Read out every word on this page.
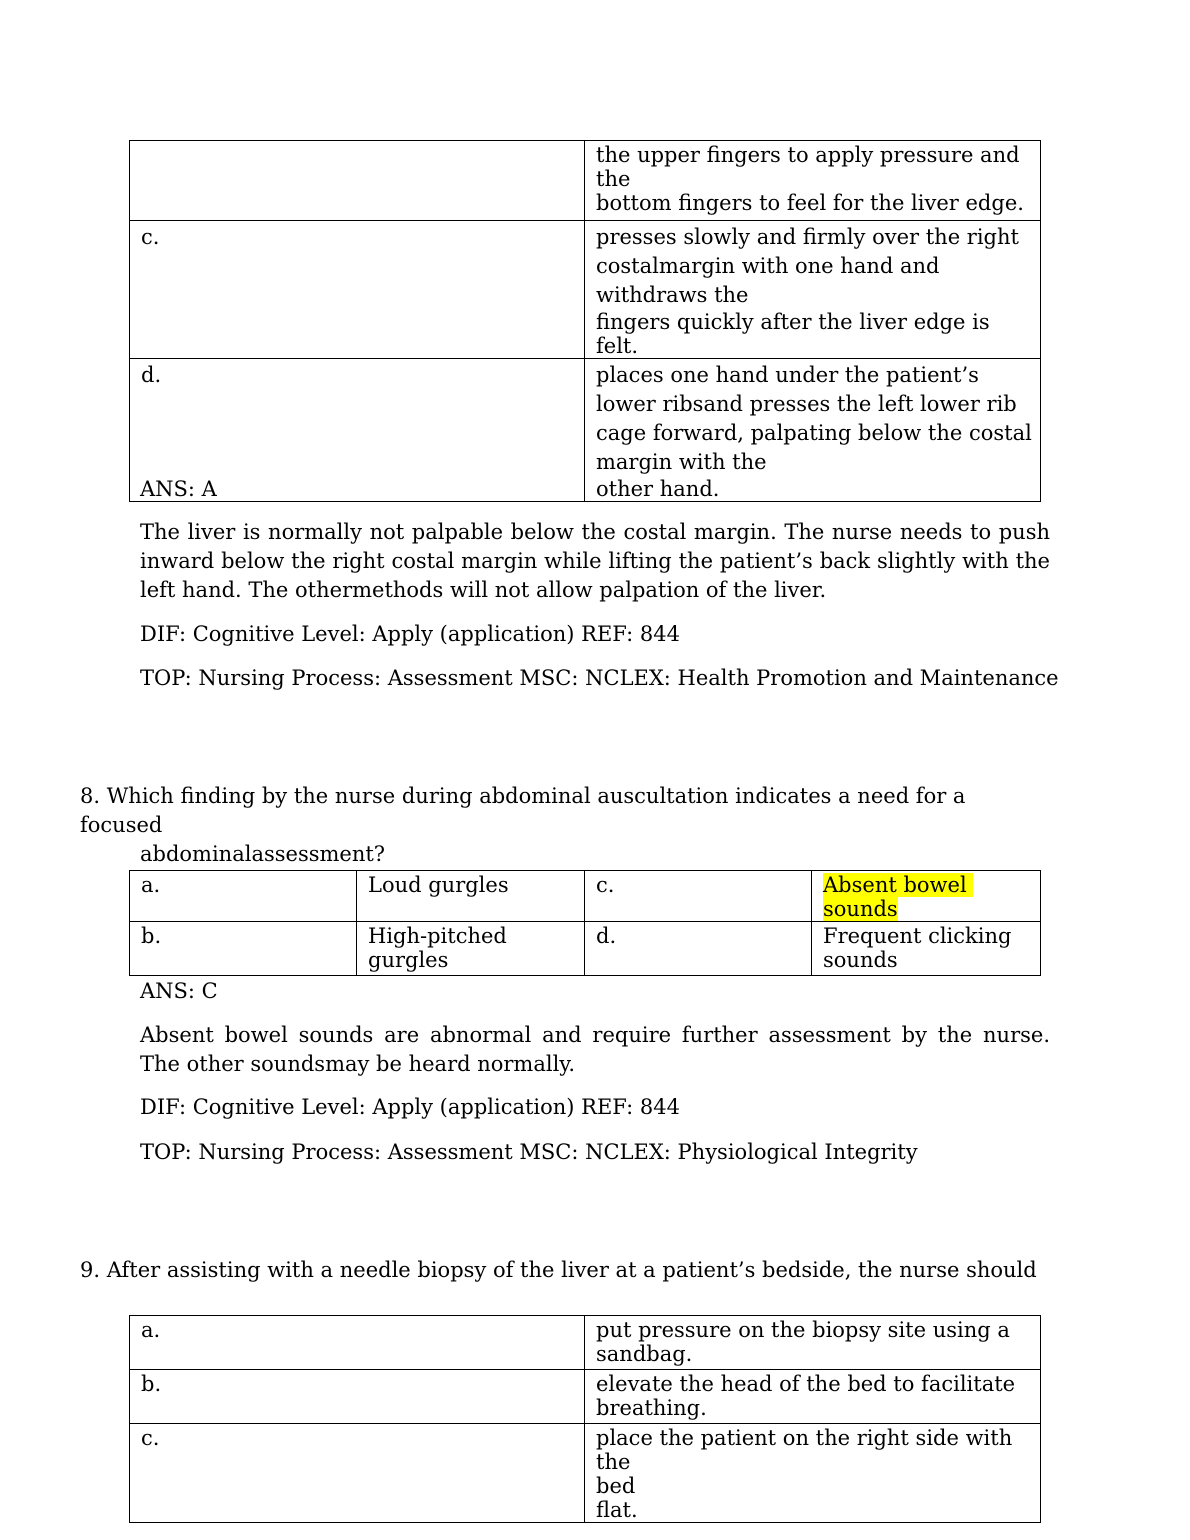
	the upper fingers to apply pressure and
the
bottom fingers to feel for the liver edge.

c.	presses slowly and firmly over the right
costalmargin with one hand and
withdraws the
fingers quickly after the liver edge is felt.

d.	places one hand under the patient’s
lower ribsand presses the left lower rib
cage forward, palpating below the costal
margin with the
other hand.
ANS: A
The liver is normally not palpable below the costal margin. The nurse needs to push inward below the right costal margin while lifting the patient’s back slightly with the left hand. The othermethods will not allow palpation of the liver.
DIF: Cognitive Level: Apply (application) REF: 844
TOP: Nursing Process: Assessment MSC: NCLEX: Health Promotion and Maintenance
8. Which finding by the nurse during abdominal auscultation indicates a need for a focused
abdominalassessment?
a.	Loud gurgles	c.	Absent bowel
sounds

b.	High-pitched
gurgles	d.	Frequent clicking
sounds
ANS: C
Absent bowel sounds are abnormal and require further assessment by the nurse. The other soundsmay be heard normally.
DIF: Cognitive Level: Apply (application) REF: 844
TOP: Nursing Process: Assessment MSC: NCLEX: Physiological Integrity
9. After assisting with a needle biopsy of the liver at a patient’s bedside, the nurse should
a.	put pressure on the biopsy site using a
sandbag.

b.	elevate the head of the bed to facilitate
breathing.

c.	place the patient on the right side with the
bed
flat.
